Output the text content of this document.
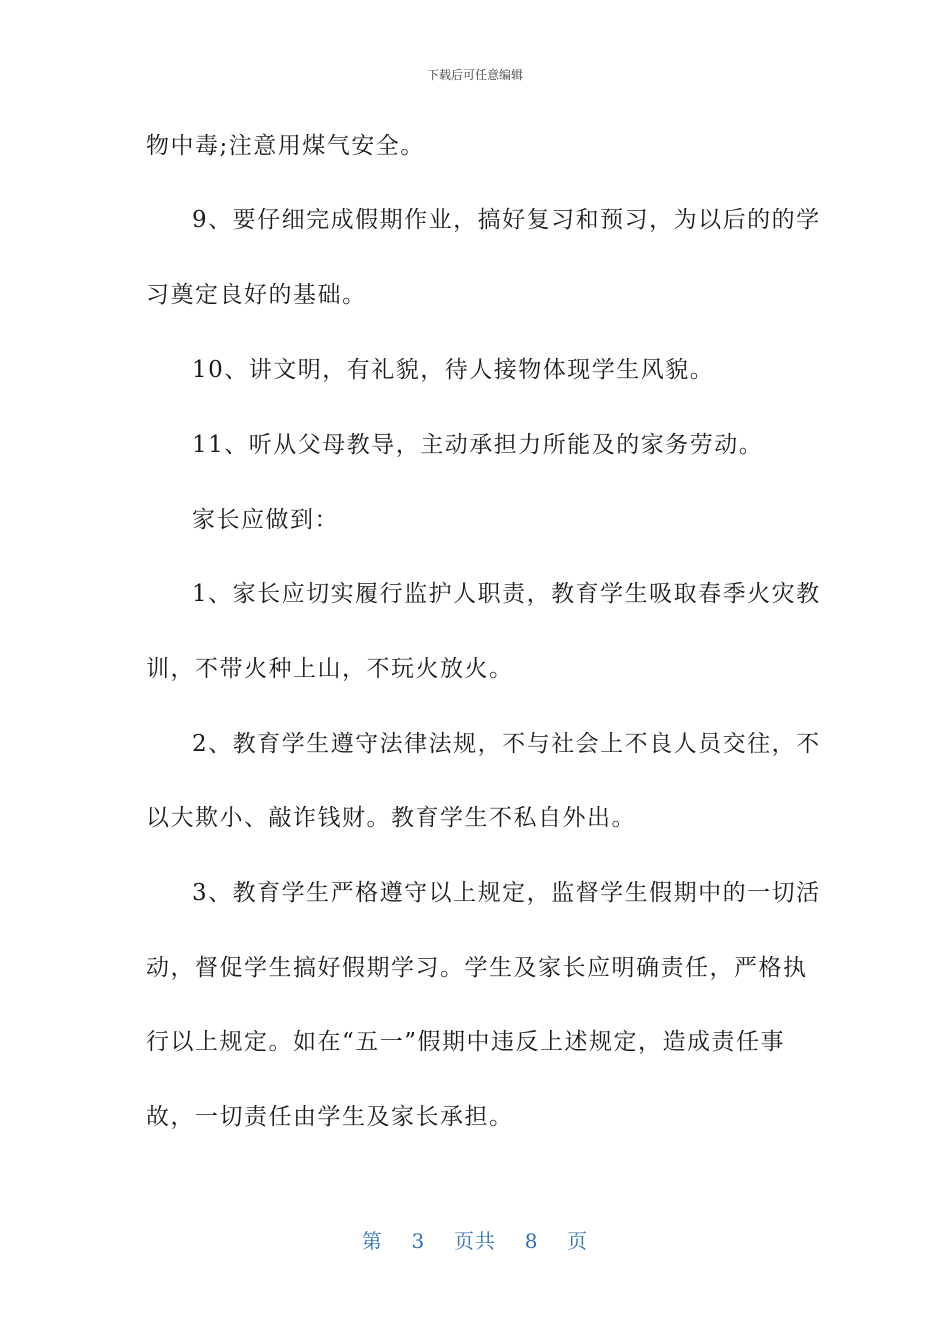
下载后可任意编辑
物中毒;注意用煤气安全。
9、要仔细完成假期作业，搞好复习和预习，为以后的的学
习奠定良好的基础。
10、讲文明，有礼貌，待人接物体现学生风貌。
11、听从父母教导，主动承担力所能及的家务劳动。
家长应做到：
1、家长应切实履行监护人职责，教育学生吸取春季火灾教
训，不带火种上山，不玩火放火。
2、教育学生遵守法律法规，不与社会上不良人员交往，不
以大欺小、敲诈钱财。教育学生不私自外出。
3、教育学生严格遵守以上规定，监督学生假期中的一切活
动，督促学生搞好假期学习。学生及家长应明确责任，严格执
行以上规定。如在“五一”假期中违反上述规定，造成责任事
故，一切责任由学生及家长承担。
第 3 页共 8 页
